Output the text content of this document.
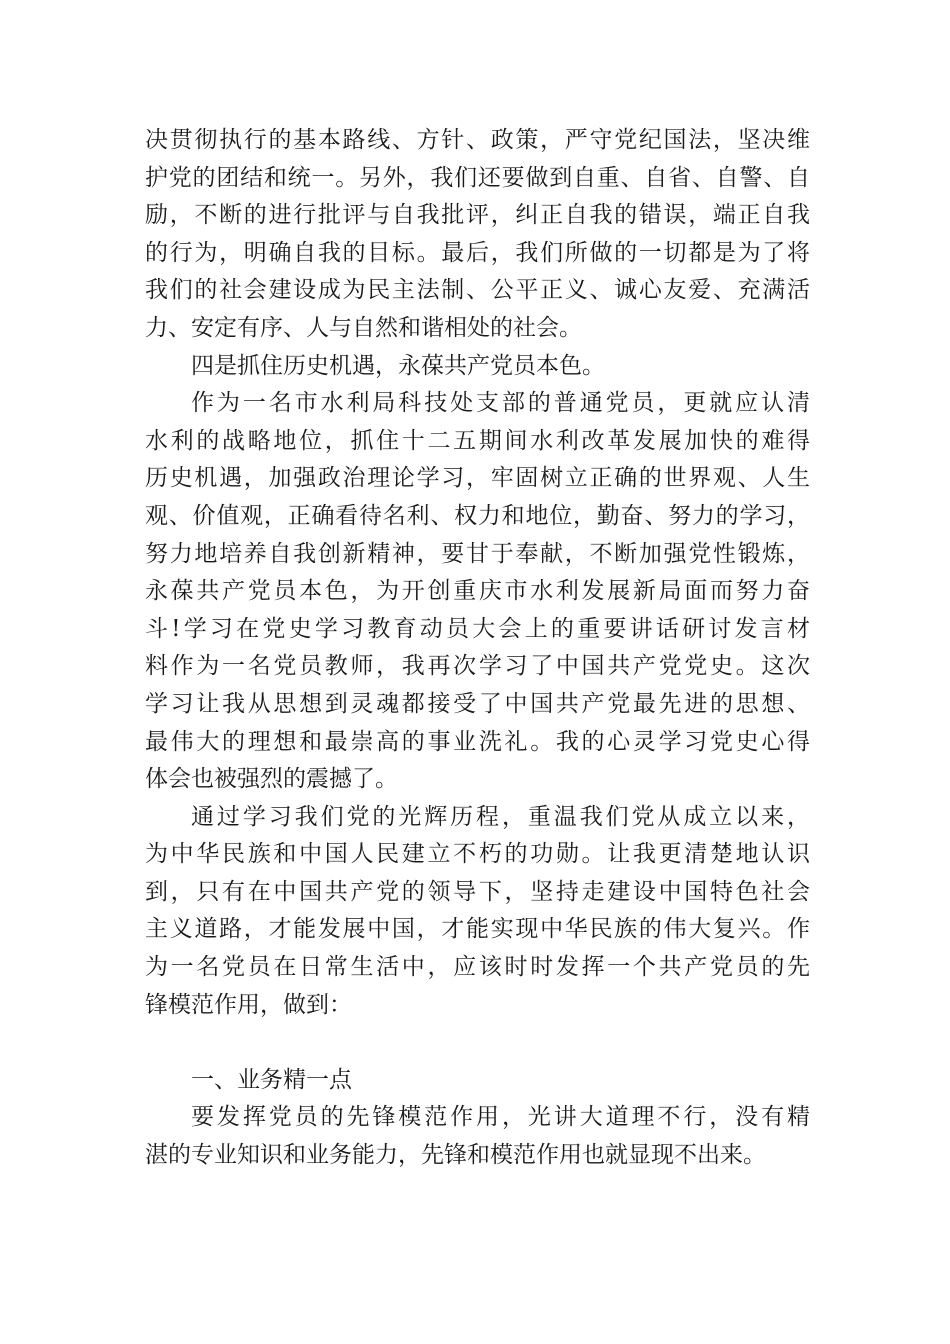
决贯彻执行的基本路线、方针、政策，严守党纪国法，坚决维
护党的团结和统一。另外，我们还要做到自重、自省、自警、自
励，不断的进行批评与自我批评，纠正自我的错误，端正自我
的行为，明确自我的目标。最后，我们所做的一切都是为了将
我们的社会建设成为民主法制、公平正义、诚心友爱、充满活
力、安定有序、人与自然和谐相处的社会。
四是抓住历史机遇，永葆共产党员本色。
作为一名市水利局科技处支部的普通党员，更就应认清
水利的战略地位，抓住十二五期间水利改革发展加快的难得
历史机遇，加强政治理论学习，牢固树立正确的世界观、人生
观、价值观，正确看待名利、权力和地位，勤奋、努力的学习，
努力地培养自我创新精神，要甘于奉献，不断加强党性锻炼，
永葆共产党员本色，为开创重庆市水利发展新局面而努力奋
斗!学习在党史学习教育动员大会上的重要讲话研讨发言材
料作为一名党员教师，我再次学习了中国共产党党史。这次
学习让我从思想到灵魂都接受了中国共产党最先进的思想、
最伟大的理想和最崇高的事业洗礼。我的心灵学习党史心得
体会也被强烈的震撼了。
通过学习我们党的光辉历程，重温我们党从成立以来，
为中华民族和中国人民建立不朽的功勋。让我更清楚地认识
到，只有在中国共产党的领导下，坚持走建设中国特色社会
主义道路，才能发展中国，才能实现中华民族的伟大复兴。作
为一名党员在日常生活中，应该时时发挥一个共产党员的先
锋模范作用，做到：
一、业务精一点
要发挥党员的先锋模范作用，光讲大道理不行，没有精
湛的专业知识和业务能力，先锋和模范作用也就显现不出来。
